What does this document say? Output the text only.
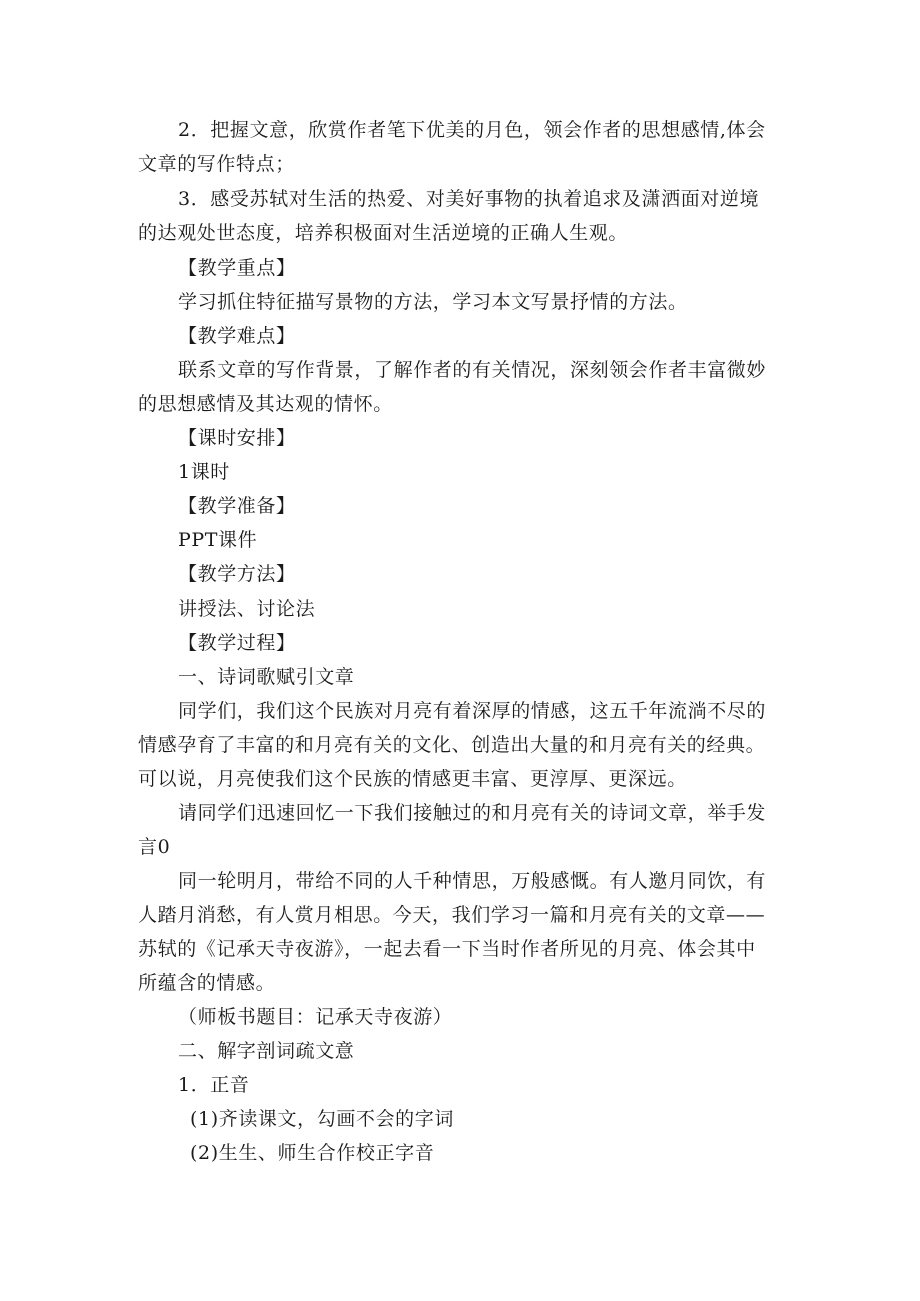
2．把握文意，欣赏作者笔下优美的月色，领会作者的思想感情,体会
文章的写作特点；
3．感受苏轼对生活的热爱、对美好事物的执着追求及潇洒面对逆境
的达观处世态度，培养积极面对生活逆境的正确人生观。
【教学重点】
学习抓住特征描写景物的方法，学习本文写景抒情的方法。
【教学难点】
联系文章的写作背景，了解作者的有关情况，深刻领会作者丰富微妙
的思想感情及其达观的情怀。
【课时安排】
1课时
【教学准备】
PPT课件
【教学方法】
讲授法、讨论法
【教学过程】
一、诗词歌赋引文章
同学们，我们这个民族对月亮有着深厚的情感，这五千年流淌不尽的
情感孕育了丰富的和月亮有关的文化、创造出大量的和月亮有关的经典。
可以说，月亮使我们这个民族的情感更丰富、更淳厚、更深远。
请同学们迅速回忆一下我们接触过的和月亮有关的诗词文章，举手发
言0
同一轮明月，带给不同的人千种情思，万般感慨。有人邀月同饮，有
人踏月消愁，有人赏月相思。今天，我们学习一篇和月亮有关的文章——
苏轼的《记承天寺夜游》，一起去看一下当时作者所见的月亮、体会其中
所蕴含的情感。
（师板书题目：记承天寺夜游）
二、解字剖词疏文意
1．正音
(1)齐读课文，勾画不会的字词
(2)生生、师生合作校正字音
